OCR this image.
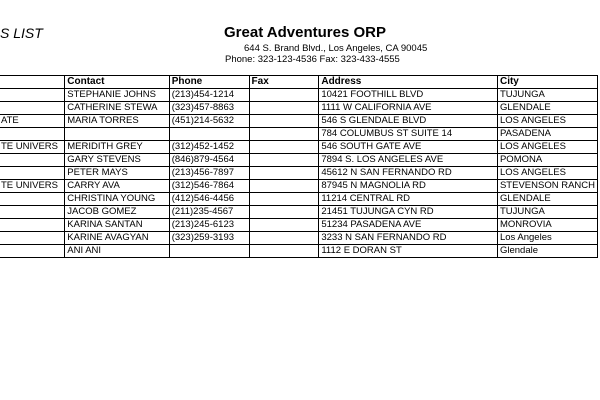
S LIST	Great Adventures ORP
644 S. Brand Blvd., Los Angeles, CA 90045
Phone: 323-123-4536 Fax: 323-433-4555
	Contact	Phone	Fax	Address	City
	STEPHANIE JOHNS	(213)454-1214		10421 FOOTHILL BLVD	TUJUNGA
	CATHERINE STEWA	(323)457-8863		1111 W CALIFORNIA AVE	GLENDALE
ATE	MARIA TORRES	(451)214-5632		546 S GLENDALE BLVD	LOS ANGELES
				784 COLUMBUS ST SUITE 14	PASADENA
TE UNIVERS	MERIDITH GREY	(312)452-1452		546 SOUTH GATE AVE	LOS ANGELES
	GARY STEVENS	(846)879-4564		7894 S. LOS ANGELES AVE	POMONA
	PETER MAYS	(213)456-7897		45612 N SAN FERNANDO RD	LOS ANGELES
TE UNIVERS	CARRY AVA	(312)546-7864		87945 N MAGNOLIA RD	STEVENSON RANCH
	CHRISTINA YOUNG	(412)546-4456		11214 CENTRAL RD	GLENDALE
	JACOB GOMEZ	(211)235-4567		21451 TUJUNGA CYN RD	TUJUNGA
	KARINA SANTAN	(213)245-6123		51234 PASADENA AVE	MONROVIA
	KARINE AVAGYAN	(323)259-3193		3233 N SAN FERNANDO RD	Los Angeles
	ANI ANI			1112 E DORAN ST	Glendale
